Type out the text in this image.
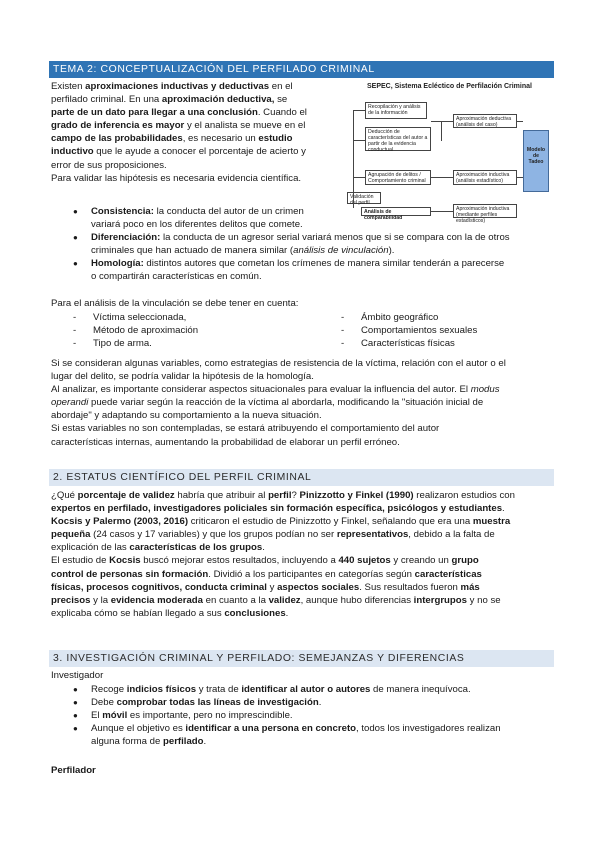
TEMA 2: CONCEPTUALIZACIÓN DEL PERFILADO CRIMINAL
Existen aproximaciones inductivas y deductivas en el
perfilado criminal. En una aproximación deductiva, se
parte de un dato para llegar a una conclusión. Cuando el
grado de inferencia es mayor y el analista se mueve en el
campo de las probabilidades, es necesario un estudio
inductivo que le ayude a conocer el porcentaje de acierto y
error de sus proposiciones.
Para validar las hipótesis es necesaria evidencia científica.
● Consistencia: la conducta del autor de un crimen
variará poco en los diferentes delitos que comete.
● Diferenciación: la conducta de un agresor serial variará menos que si se compara con la de otros
criminales que han actuado de manera similar (análisis de vinculación).
● Homología: distintos autores que cometan los crímenes de manera similar tenderán a parecerse
o compartirán características en común.
Para el análisis de la vinculación se debe tener en cuenta:
- Víctima seleccionada,
- Método de aproximación
- Tipo de arma.
- Ámbito geográfico
- Comportamientos sexuales
- Características físicas
Si se consideran algunas variables, como estrategias de resistencia de la víctima, relación con el autor o el
lugar del delito, se podría validar la hipótesis de la homología.
Al analizar, es importante considerar aspectos situacionales para evaluar la influencia del autor. El modus
operandi puede variar según la reacción de la víctima al abordarla, modificando la "situación inicial de
abordaje" y adaptando su comportamiento a la nueva situación.
Si estas variables no son contempladas, se estará atribuyendo el comportamiento del autor
características internas, aumentando la probabilidad de elaborar un perfil erróneo.
2. ESTATUS CIENTÍFICO DEL PERFIL CRIMINAL
¿Qué porcentaje de validez habría que atribuir al perfil? Pinizzotto y Finkel (1990) realizaron estudios con
expertos en perfilado, investigadores policiales sin formación específica, psicólogos y estudiantes.
Kocsis y Palermo (2003, 2016) criticaron el estudio de Pinizzotto y Finkel, señalando que era una muestra
pequeña (24 casos y 17 variables) y que los grupos podían no ser representativos, debido a la falta de
explicación de las características de los grupos.
El estudio de Kocsis buscó mejorar estos resultados, incluyendo a 440 sujetos y creando un grupo
control de personas sin formación. Dividió a los participantes en categorías según características
físicas, procesos cognitivos, conducta criminal y aspectos sociales. Sus resultados fueron más
precisos y la evidencia moderada en cuanto a la validez, aunque hubo diferencias intergrupos y no se
explicaba cómo se habían llegado a sus conclusiones.
3. INVESTIGACIÓN CRIMINAL Y PERFILADO: SEMEJANZAS Y DIFERENCIAS
Investigador
● Recoge indicios físicos y trata de identificar al autor o autores de manera inequívoca.
● Debe comprobar todas las líneas de investigación.
● El móvil es importante, pero no imprescindible.
● Aunque el objetivo es identificar a una persona en concreto, todos los investigadores realizan
alguna forma de perfilado.
Perfilador
SEPEC, Sistema Ecléctico de Perfilación Criminal
Recopilación y análisis de la información
Deducción de características del autor a partir de la evidencia conductual
Aproximación deductiva (análisis del caso)
Modelo de Tadeo
Agrupación de delitos / Comportamiento criminal
Aproximación inductiva (análisis estadístico)
Validación del perfil
Análisis de comparabilidad
Aproximación inductiva (mediante perfiles estadísticos)
